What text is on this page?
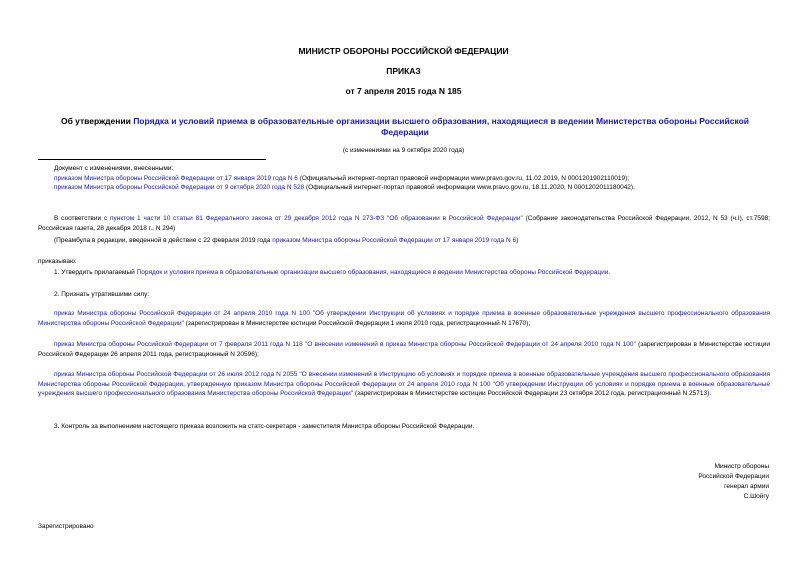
МИНИСТР ОБОРОНЫ РОССИЙСКОЙ ФЕДЕРАЦИИ
ПРИКАЗ
от 7 апреля 2015 года N 185
Об утверждении Порядка и условий приема в образовательные организации высшего образования, находящиеся в ведении Министерства обороны Российской Федерации
(с изменениями на 9 октября 2020 года)
Документ с изменениями, внесенными:
приказом Министра обороны Российской Федерации от 17 января 2019 года N 6 (Официальный интернет-портал правовой информации www.pravo.gov.ru, 11.02.2019, N 0001201902110019);
приказом Министра обороны Российской Федерации от 9 октября 2020 года N 528 (Официальный интернет-портал правовой информации www.pravo.gov.ru, 18.11.2020, N 0001202011180042).
В соответствии с пунктом 1 части 10 статьи 81 Федерального закона от 29 декабря 2012 года N 273-ФЗ "Об образовании в Российской Федерации" (Собрание законодательства Российской Федерации, 2012, N 53 (ч.I), ст.7598; Российская газета, 28 декабря 2018 г., N 294)
(Преамбула в редакции, введенной в действие с 22 февраля 2019 года приказом Министра обороны Российской Федерации от 17 января 2019 года N 6)
приказываю:
1. Утвердить прилагаемый Порядок и условия приема в образовательные организации высшего образования, находящиеся в ведении Министерства обороны Российской Федерации.
2. Признать утратившими силу:
приказ Министра обороны Российской Федерации от 24 апреля 2010 года N 100 "Об утверждении Инструкции об условиях и порядке приема в военные образовательные учреждения высшего профессионального образования Министерства обороны Российской Федерации" (зарегистрирован в Министерстве юстиции Российской Федерации 1 июля 2010 года, регистрационный N 17670);
приказ Министра обороны Российской Федерации от 7 февраля 2011 года N 118 "О внесении изменений в приказ Министра обороны Российской Федерации от 24 апреля 2010 года N 100" (зарегистрирован в Министерстве юстиции Российской Федерации 26 апреля 2011 года, регистрационный N 20596);
приказ Министра обороны Российской Федерации от 26 июля 2012 года N 2055 "О внесении изменений в Инструкцию об условиях и порядке приема в военные образовательные учреждения высшего профессионального образования Министерства обороны Российской Федерации, утвержденную приказом Министра обороны Российской Федерации от 24 апреля 2010 года N 100 "Об утверждении Инструкции об условиях и порядке приема в военные образовательные учреждения высшего профессионального образования Министерства обороны Российской Федерации" (зарегистрирован в Министерстве юстиции Российской Федерации 23 октября 2012 года, регистрационный N 25713).
3. Контроль за выполнением настоящего приказа возложить на статс-секретаря - заместителя Министра обороны Российской Федерации.
Министр обороны
Российской Федерации
генерал армии
С.Шойгу
Зарегистрировано
